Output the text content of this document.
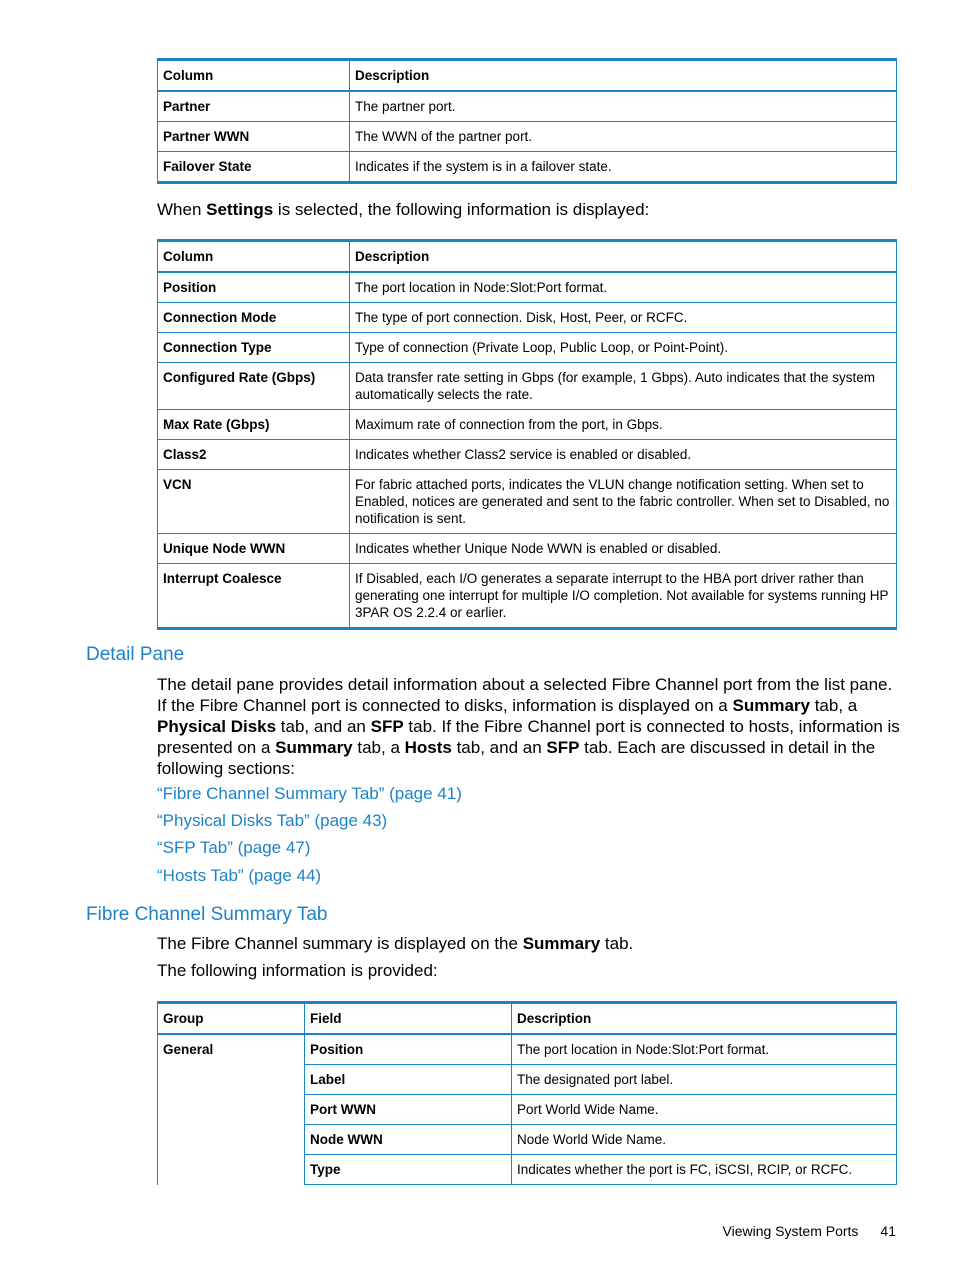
Column	Description
Partner	The partner port.
Partner WWN	The WWN of the partner port.
Failover State	Indicates if the system is in a failover state.

When Settings is selected, the following information is displayed:

Column	Description
Position	The port location in Node:Slot:Port format.
Connection Mode	The type of port connection. Disk, Host, Peer, or RCFC.
Connection Type	Type of connection (Private Loop, Public Loop, or Point-Point).
Configured Rate (Gbps)	Data transfer rate setting in Gbps (for example, 1 Gbps). Auto indicates that the system automatically selects the rate.
Max Rate (Gbps)	Maximum rate of connection from the port, in Gbps.
Class2	Indicates whether Class2 service is enabled or disabled.
VCN	For fabric attached ports, indicates the VLUN change notification setting. When set to Enabled, notices are generated and sent to the fabric controller. When set to Disabled, no notification is sent.
Unique Node WWN	Indicates whether Unique Node WWN is enabled or disabled.
Interrupt Coalesce	If Disabled, each I/O generates a separate interrupt to the HBA port driver rather than generating one interrupt for multiple I/O completion. Not available for systems running HP 3PAR OS 2.2.4 or earlier.
Detail Pane

The detail pane provides detail information about a selected Fibre Channel port from the list pane. If the Fibre Channel port is connected to disks, information is displayed on a Summary tab, a Physical Disks tab, and an SFP tab. If the Fibre Channel port is connected to hosts, information is presented on a Summary tab, a Hosts tab, and an SFP tab. Each are discussed in detail in the following sections:

“Fibre Channel Summary Tab” (page 41)
“Physical Disks Tab” (page 43)
“SFP Tab” (page 47)
“Hosts Tab” (page 44)
Fibre Channel Summary Tab

The Fibre Channel summary is displayed on the Summary tab.

The following information is provided:

Group	Field	Description
General	Position	The port location in Node:Slot:Port format.
	Label	The designated port label.
	Port WWN	Port World Wide Name.
	Node WWN	Node World Wide Name.
	Type	Indicates whether the port is FC, iSCSI, RCIP, or RCFC.
Viewing System Ports 41
